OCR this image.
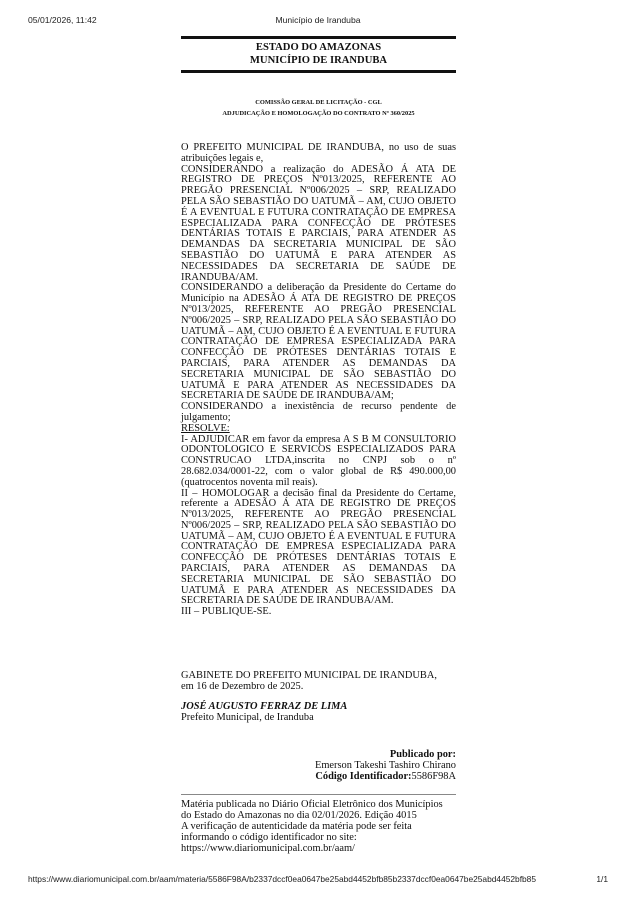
05/01/2026, 11:42	Município de Iranduba
ESTADO DO AMAZONAS
MUNICÍPIO DE IRANDUBA
COMISSÃO GERAL DE LICITAÇÃO - CGL
ADJUDICAÇÃO E HOMOLOGAÇÃO DO CONTRATO Nº 360/2025

O PREFEITO MUNICIPAL DE IRANDUBA, no uso de suas atribuições legais e,

CONSIDERANDO a realização do ADESÃO Á ATA DE REGISTRO DE PREÇOS Nº013/2025, REFERENTE AO PREGÃO PRESENCIAL Nº006/2025 – SRP, REALIZADO PELA SÃO SEBASTIÃO DO UATUMÃ – AM, CUJO OBJETO É A EVENTUAL E FUTURA CONTRATAÇÃO DE EMPRESA ESPECIALIZADA PARA CONFECÇÃO DE PRÓTESES DENTÁRIAS TOTAIS E PARCIAIS, PARA ATENDER AS DEMANDAS DA SECRETARIA MUNICIPAL DE SÃO SEBASTIÃO DO UATUMÃ E PARA ATENDER AS NECESSIDADES DA SECRETARIA DE SAÚDE DE IRANDUBA/AM.

CONSIDERANDO a deliberação da Presidente do Certame do Município na ADESÃO Á ATA DE REGISTRO DE PREÇOS Nº013/2025, REFERENTE AO PREGÃO PRESENCIAL Nº006/2025 – SRP, REALIZADO PELA SÃO SEBASTIÃO DO UATUMÃ – AM, CUJO OBJETO É A EVENTUAL E FUTURA CONTRATAÇÃO DE EMPRESA ESPECIALIZADA PARA CONFECÇÃO DE PRÓTESES DENTÁRIAS TOTAIS E PARCIAIS, PARA ATENDER AS DEMANDAS DA SECRETARIA MUNICIPAL DE SÃO SEBASTIÃO DO UATUMÃ E PARA ATENDER AS NECESSIDADES DA SECRETARIA DE SAÚDE DE IRANDUBA/AM;

CONSIDERANDO a inexistência de recurso pendente de julgamento;

RESOLVE:

I- ADJUDICAR em favor da empresa A S B M CONSULTORIO ODONTOLOGICO E SERVICOS ESPECIALIZADOS PARA CONSTRUCAO LTDA,inscrita no CNPJ sob o nº 28.682.034/0001-22, com o valor global de R$ 490.000,00 (quatrocentos noventa mil reais).

II – HOMOLOGAR a decisão final da Presidente do Certame, referente a ADESÃO Á ATA DE REGISTRO DE PREÇOS Nº013/2025, REFERENTE AO PREGÃO PRESENCIAL Nº006/2025 – SRP, REALIZADO PELA SÃO SEBASTIÃO DO UATUMÃ – AM, CUJO OBJETO É A EVENTUAL E FUTURA CONTRATAÇÃO DE EMPRESA ESPECIALIZADA PARA CONFECÇÃO DE PRÓTESES DENTÁRIAS TOTAIS E PARCIAIS, PARA ATENDER AS DEMANDAS DA SECRETARIA MUNICIPAL DE SÃO SEBASTIÃO DO UATUMÃ E PARA ATENDER AS NECESSIDADES DA SECRETARIA DE SAÚDE DE IRANDUBA/AM.

III – PUBLIQUE-SE.

GABINETE DO PREFEITO MUNICIPAL DE IRANDUBA,

em 16 de Dezembro de 2025.

JOSÉ AUGUSTO FERRAZ DE LIMA
Prefeito Municipal, de Iranduba
Publicado por:
Emerson Takeshi Tashiro Chirano
Código Identificador:5586F98A

Matéria publicada no Diário Oficial Eletrônico dos Municípios

do Estado do Amazonas no dia 02/01/2026. Edição 4015

A verificação de autenticidade da matéria pode ser feita

informando o código identificador no site:

https://www.diariomunicipal.com.br/aam/

https://www.diariomunicipal.com.br/aam/materia/5586F98A/b2337dccf0ea0647be25abd4452bfb85b2337dccf0ea0647be25abd4452bfb85	1/1
